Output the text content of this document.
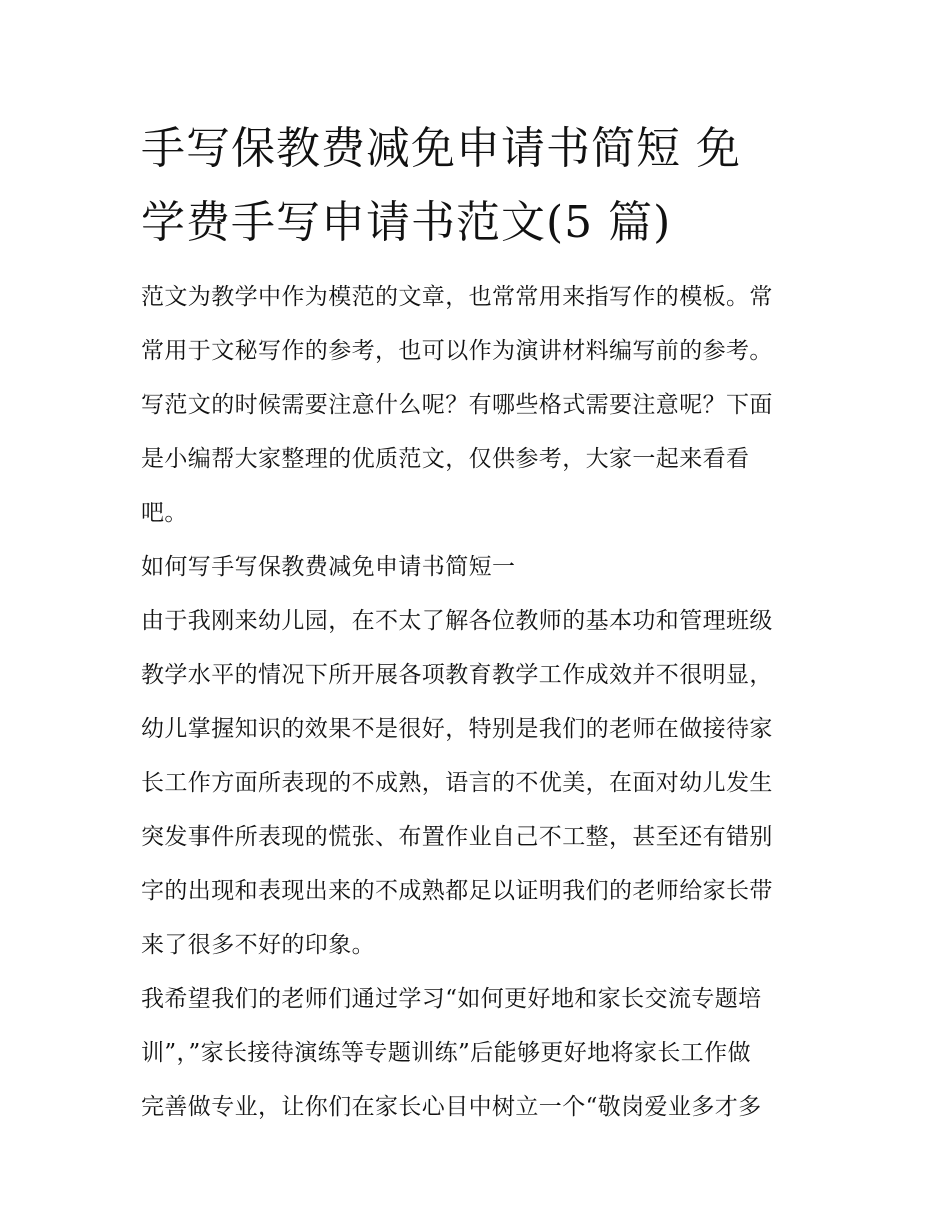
手写保教费减免申请书简短 免
学费手写申请书范文(5 篇)
范文为教学中作为模范的文章，也常常用来指写作的模板。常
常用于文秘写作的参考，也可以作为演讲材料编写前的参考。
写范文的时候需要注意什么呢？有哪些格式需要注意呢？下面
是小编帮大家整理的优质范文，仅供参考，大家一起来看看
吧。
如何写手写保教费减免申请书简短一
由于我刚来幼儿园，在不太了解各位教师的基本功和管理班级
教学水平的情况下所开展各项教育教学工作成效并不很明显，
幼儿掌握知识的效果不是很好，特别是我们的老师在做接待家
长工作方面所表现的不成熟，语言的不优美，在面对幼儿发生
突发事件所表现的慌张、布置作业自己不工整，甚至还有错别
字的出现和表现出来的不成熟都足以证明我们的老师给家长带
来了很多不好的印象。
我希望我们的老师们通过学习“如何更好地和家长交流专题培
训”，”家长接待演练等专题训练”后能够更好地将家长工作做
完善做专业，让你们在家长心目中树立一个“敬岗爱业多才多
